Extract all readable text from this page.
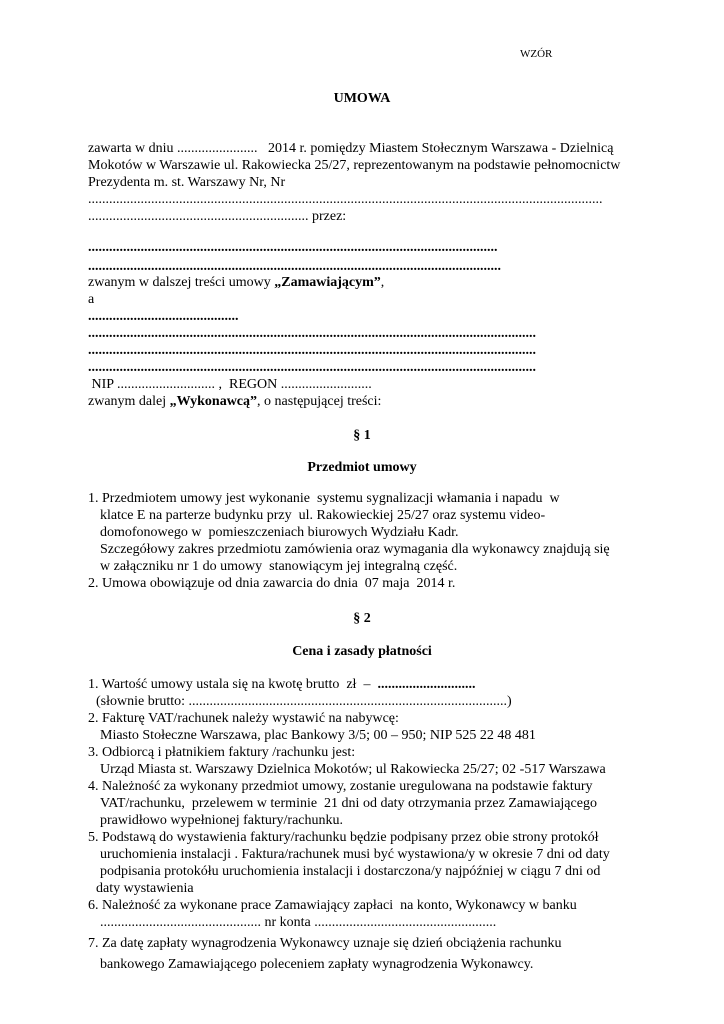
WZÓR
UMOWA
zawarta w dniu .......................   2014 r. pomiędzy Miastem Stołecznym Warszawa - Dzielnicą
Mokotów w Warszawie ul. Rakowiecka 25/27, reprezentowanym na podstawie pełnomocnictw
Prezydenta m. st. Warszawy Nr, Nr
...................................................................................................................................................
............................................................... przez:
.....................................................................................................................
......................................................................................................................
zwanym w dalszej treści umowy „Zamawiającym”,
a
...........................................
................................................................................................................................
................................................................................................................................
................................................................................................................................
NIP ............................ ,  REGON ..........................
zwanym dalej „Wykonawcą”, o następującej treści:
§ 1
Przedmiot umowy
1. Przedmiotem umowy jest wykonanie  systemu sygnalizacji włamania i napadu  w
klatce E na parterze budynku przy  ul. Rakowieckiej 25/27 oraz systemu video-
domofonowego w  pomieszczeniach biurowych Wydziału Kadr.
Szczegółowy zakres przedmiotu zamówienia oraz wymagania dla wykonawcy znajdują się
w załączniku nr 1 do umowy  stanowiącym jej integralną część.
2. Umowa obowiązuje od dnia zawarcia do dnia  07 maja  2014 r.
§ 2
Cena i zasady płatności
1. Wartość umowy ustala się na kwotę brutto  zł  –  ............................
(słownie brutto: ...........................................................................................)
2. Fakturę VAT/rachunek należy wystawić na nabywcę:
Miasto Stołeczne Warszawa, plac Bankowy 3/5; 00 – 950; NIP 525 22 48 481
3. Odbiorcą i płatnikiem faktury /rachunku jest:
Urząd Miasta st. Warszawy Dzielnica Mokotów; ul Rakowiecka 25/27; 02 -517 Warszawa
4. Należność za wykonany przedmiot umowy, zostanie uregulowana na podstawie faktury
VAT/rachunku,  przelewem w terminie  21 dni od daty otrzymania przez Zamawiającego
prawidłowo wypełnionej faktury/rachunku.
5. Podstawą do wystawienia faktury/rachunku będzie podpisany przez obie strony protokół
uruchomienia instalacji . Faktura/rachunek musi być wystawiona/y w okresie 7 dni od daty
podpisania protokółu uruchomienia instalacji i dostarczona/y najpóźniej w ciągu 7 dni od
daty wystawienia
6. Należność za wykonane prace Zamawiający zapłaci  na konto, Wykonawcy w banku
.............................................. nr konta ....................................................
7. Za datę zapłaty wynagrodzenia Wykonawcy uznaje się dzień obciążenia rachunku
bankowego Zamawiającego poleceniem zapłaty wynagrodzenia Wykonawcy.
